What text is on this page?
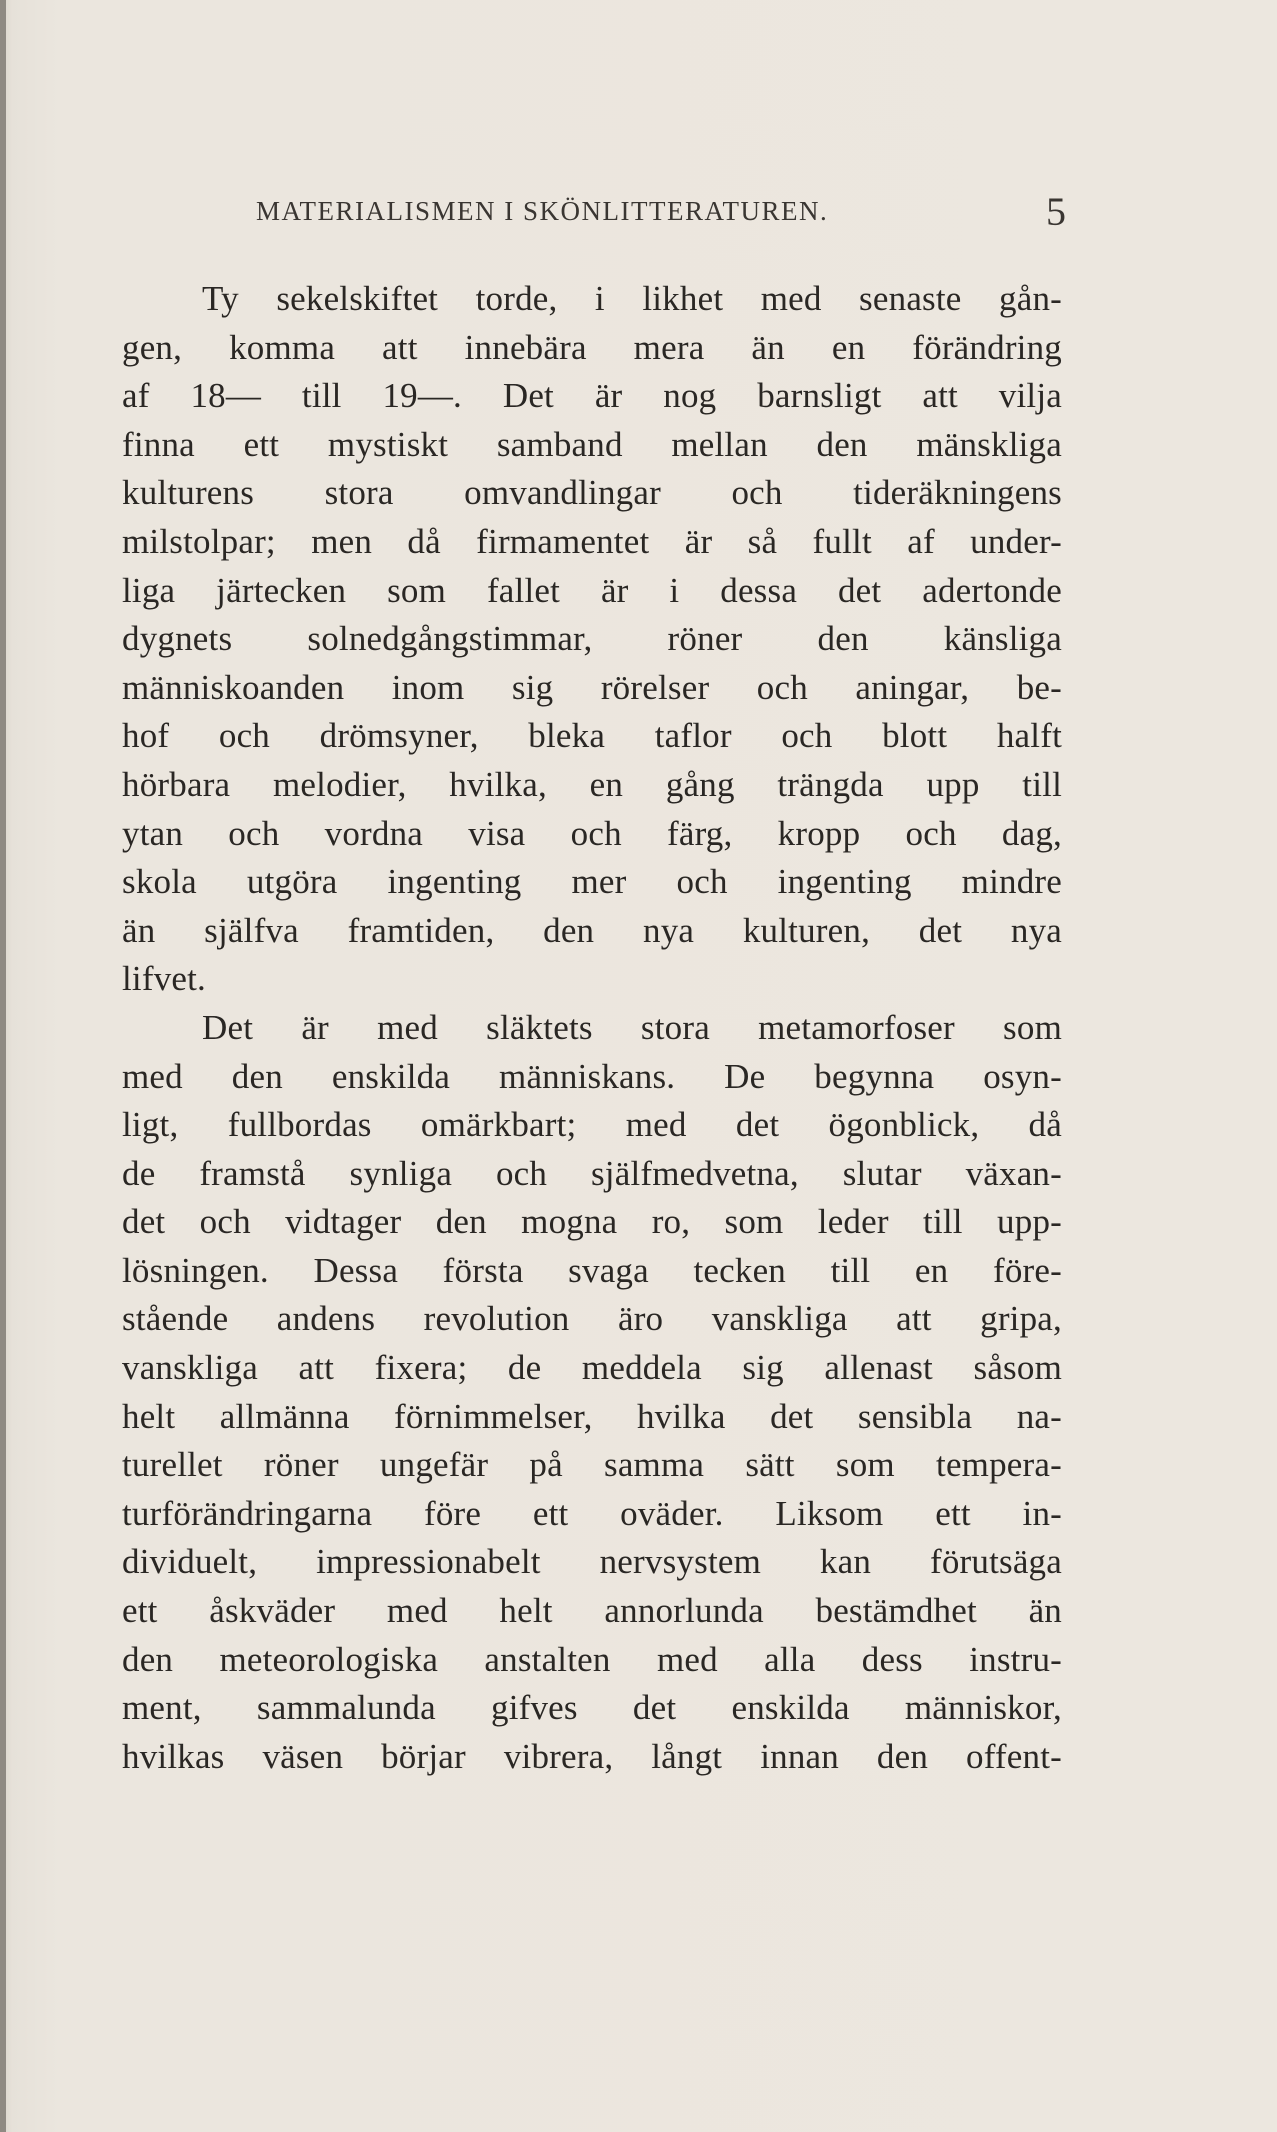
MATERIALISMEN I SKÖNLITTERATUREN.	5
Ty sekelskiftet torde, i likhet med senaste gån-
gen, komma att innebära mera än en förändring
af 18— till 19—. Det är nog barnsligt att vilja
finna ett mystiskt samband mellan den mänskliga
kulturens stora omvandlingar och tideräkningens
milstolpar; men då firmamentet är så fullt af under-
liga järtecken som fallet är i dessa det adertonde
dygnets solnedgångstimmar, röner den känsliga
människoanden inom sig rörelser och aningar, be-
hof och drömsyner, bleka taflor och blott halft
hörbara melodier, hvilka, en gång trängda upp till
ytan och vordna visa och färg, kropp och dag,
skola utgöra ingenting mer och ingenting mindre
än själfva framtiden, den nya kulturen, det nya
lifvet.
Det är med släktets stora metamorfoser som
med den enskilda människans. De begynna osyn-
ligt, fullbordas omärkbart; med det ögonblick, då
de framstå synliga och själfmedvetna, slutar växan-
det och vidtager den mogna ro, som leder till upp-
lösningen. Dessa första svaga tecken till en före-
stående andens revolution äro vanskliga att gripa,
vanskliga att fixera; de meddela sig allenast såsom
helt allmänna förnimmelser, hvilka det sensibla na-
turellet röner ungefär på samma sätt som tempera-
turförändringarna före ett oväder. Liksom ett in-
dividuelt, impressionabelt nervsystem kan förutsäga
ett åskväder med helt annorlunda bestämdhet än
den meteorologiska anstalten med alla dess instru-
ment, sammalunda gifves det enskilda människor,
hvilkas väsen börjar vibrera, långt innan den offent-
